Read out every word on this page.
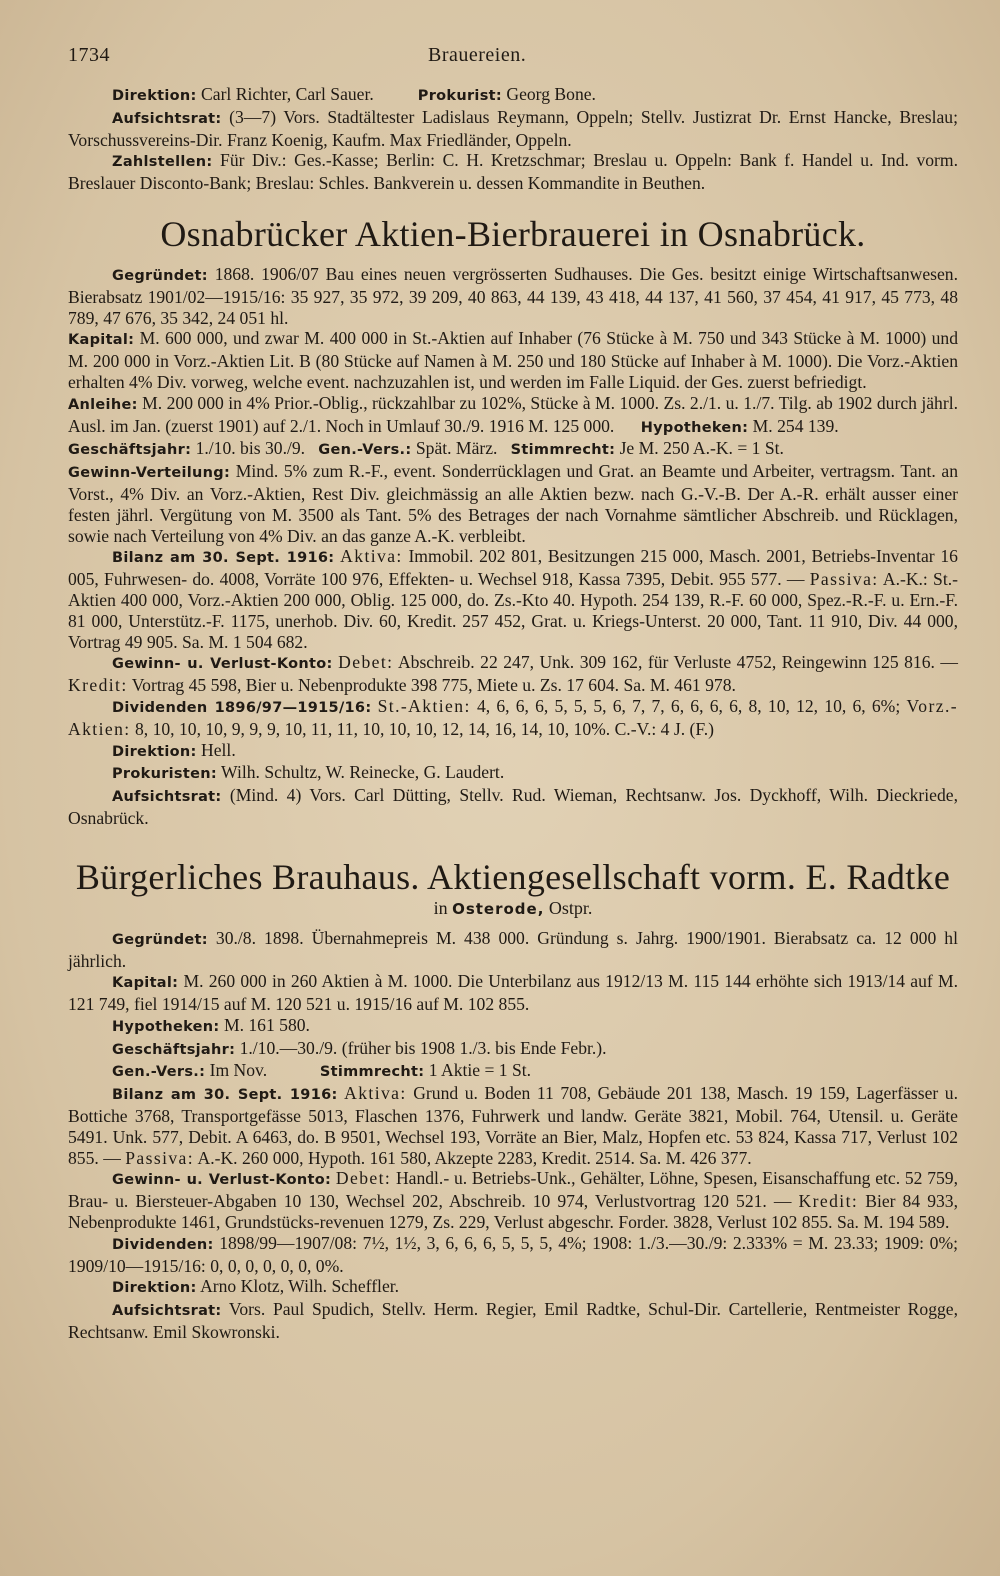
1734	Brauereien.

Direktion: Carl Richter, Carl Sauer.	Prokurist: Georg Bone.

Aufsichtsrat: (3—7) Vors. Stadtältester Ladislaus Reymann, Oppeln; Stellv. Justizrat Dr. Ernst Hancke, Breslau; Vorschussvereins-Dir. Franz Koenig, Kaufm. Max Friedländer, Oppeln.

Zahlstellen: Für Div.: Ges.-Kasse; Berlin: C. H. Kretzschmar; Breslau u. Oppeln: Bank f. Handel u. Ind. vorm. Breslauer Disconto-Bank; Breslau: Schles. Bankverein u. dessen Kommandite in Beuthen.

Osnabrücker Aktien-Bierbrauerei in Osnabrück.

Gegründet: 1868. 1906/07 Bau eines neuen vergrösserten Sudhauses. Die Ges. besitzt einige Wirtschaftsanwesen. Bierabsatz 1901/02—1915/16: 35 927, 35 972, 39 209, 40 863, 44 139, 43 418, 44 137, 41 560, 37 454, 41 917, 45 773, 48 789, 47 676, 35 342, 24 051 hl.

Kapital: M. 600 000, und zwar M. 400 000 in St.-Aktien auf Inhaber (76 Stücke à M. 750 und 343 Stücke à M. 1000) und M. 200 000 in Vorz.-Aktien Lit. B (80 Stücke auf Namen à M. 250 und 180 Stücke auf Inhaber à M. 1000). Die Vorz.-Aktien erhalten 4% Div. vorweg, welche event. nachzuzahlen ist, und werden im Falle Liquid. der Ges. zuerst befriedigt.

Anleihe: M. 200 000 in 4% Prior.-Oblig., rückzahlbar zu 102%, Stücke à M. 1000. Zs. 2./1. u. 1./7. Tilg. ab 1902 durch jährl. Ausl. im Jan. (zuerst 1901) auf 2./1. Noch in Umlauf 30./9. 1916 M. 125 000. Hypotheken: M. 254 139.

Geschäftsjahr: 1./10. bis 30./9. Gen.-Vers.: Spät. März. Stimmrecht: Je M. 250 A.-K. = 1 St.

Gewinn-Verteilung: Mind. 5% zum R.-F., event. Sonderrücklagen und Grat. an Beamte und Arbeiter, vertragsm. Tant. an Vorst., 4% Div. an Vorz.-Aktien, Rest Div. gleichmässig an alle Aktien bezw. nach G.-V.-B. Der A.-R. erhält ausser einer festen jährl. Vergütung von M. 3500 als Tant. 5% des Betrages der nach Vornahme sämtlicher Abschreib. und Rücklagen, sowie nach Verteilung von 4% Div. an das ganze A.-K. verbleibt.

Bilanz am 30. Sept. 1916: Aktiva: Immobil. 202 801, Besitzungen 215 000, Masch. 2001, Betriebs-Inventar 16 005, Fuhrwesen- do. 4008, Vorräte 100 976, Effekten- u. Wechsel 918, Kassa 7395, Debit. 955 577. — Passiva: A.-K.: St.-Aktien 400 000, Vorz.-Aktien 200 000, Oblig. 125 000, do. Zs.-Kto 40. Hypoth. 254 139, R.-F. 60 000, Spez.-R.-F. u. Ern.-F. 81 000, Unterstütz.-F. 1175, unerhob. Div. 60, Kredit. 257 452, Grat. u. Kriegs-Unterst. 20 000, Tant. 11 910, Div. 44 000, Vortrag 49 905. Sa. M. 1 504 682.

Gewinn- u. Verlust-Konto: Debet: Abschreib. 22 247, Unk. 309 162, für Verluste 4752, Reingewinn 125 816. — Kredit: Vortrag 45 598, Bier u. Nebenprodukte 398 775, Miete u. Zs. 17 604. Sa. M. 461 978.

Dividenden 1896/97—1915/16: St.-Aktien: 4, 6, 6, 6, 5, 5, 5, 6, 7, 7, 6, 6, 6, 6, 8, 10, 12, 10, 6, 6%; Vorz.-Aktien: 8, 10, 10, 10, 9, 9, 9, 10, 11, 11, 10, 10, 10, 12, 14, 16, 14, 10, 10%. C.-V.: 4 J. (F.)

Direktion: Hell.

Prokuristen: Wilh. Schultz, W. Reinecke, G. Laudert.

Aufsichtsrat: (Mind. 4) Vors. Carl Dütting, Stellv. Rud. Wieman, Rechtsanw. Jos. Dyckhoff, Wilh. Dieckriede, Osnabrück.

Bürgerliches Brauhaus. Aktiengesellschaft vorm. E. Radtke
in Osterode, Ostpr.

Gegründet: 30./8. 1898. Übernahmepreis M. 438 000. Gründung s. Jahrg. 1900/1901. Bierabsatz ca. 12 000 hl jährlich.

Kapital: M. 260 000 in 260 Aktien à M. 1000. Die Unterbilanz aus 1912/13 M. 115 144 erhöhte sich 1913/14 auf M. 121 749, fiel 1914/15 auf M. 120 521 u. 1915/16 auf M. 102 855.

Hypotheken: M. 161 580.

Geschäftsjahr: 1./10.—30./9. (früher bis 1908 1./3. bis Ende Febr.).

Gen.-Vers.: Im Nov.	Stimmrecht: 1 Aktie = 1 St.

Bilanz am 30. Sept. 1916: Aktiva: Grund u. Boden 11 708, Gebäude 201 138, Masch. 19 159, Lagerfässer u. Bottiche 3768, Transportgefässe 5013, Flaschen 1376, Fuhrwerk und landw. Geräte 3821, Mobil. 764, Utensil. u. Geräte 5491. Unk. 577, Debit. A 6463, do. B 9501, Wechsel 193, Vorräte an Bier, Malz, Hopfen etc. 53 824, Kassa 717, Verlust 102 855. — Passiva: A.-K. 260 000, Hypoth. 161 580, Akzepte 2283, Kredit. 2514. Sa. M. 426 377.

Gewinn- u. Verlust-Konto: Debet: Handl.- u. Betriebs-Unk., Gehälter, Löhne, Spesen, Eisanschaffung etc. 52 759, Brau- u. Biersteuer-Abgaben 10 130, Wechsel 202, Abschreib. 10 974, Verlustvortrag 120 521. — Kredit: Bier 84 933, Nebenprodukte 1461, Grundstücks-revenuen 1279, Zs. 229, Verlust abgeschr. Forder. 3828, Verlust 102 855. Sa. M. 194 589.

Dividenden: 1898/99—1907/08: 7½, 1½, 3, 6, 6, 6, 5, 5, 5, 4%; 1908: 1./3.—30./9: 2.333% = M. 23.33; 1909: 0%; 1909/10—1915/16: 0, 0, 0, 0, 0, 0, 0%.

Direktion: Arno Klotz, Wilh. Scheffler.

Aufsichtsrat: Vors. Paul Spudich, Stellv. Herm. Regier, Emil Radtke, Schul-Dir. Cartellerie, Rentmeister Rogge, Rechtsanw. Emil Skowronski.
